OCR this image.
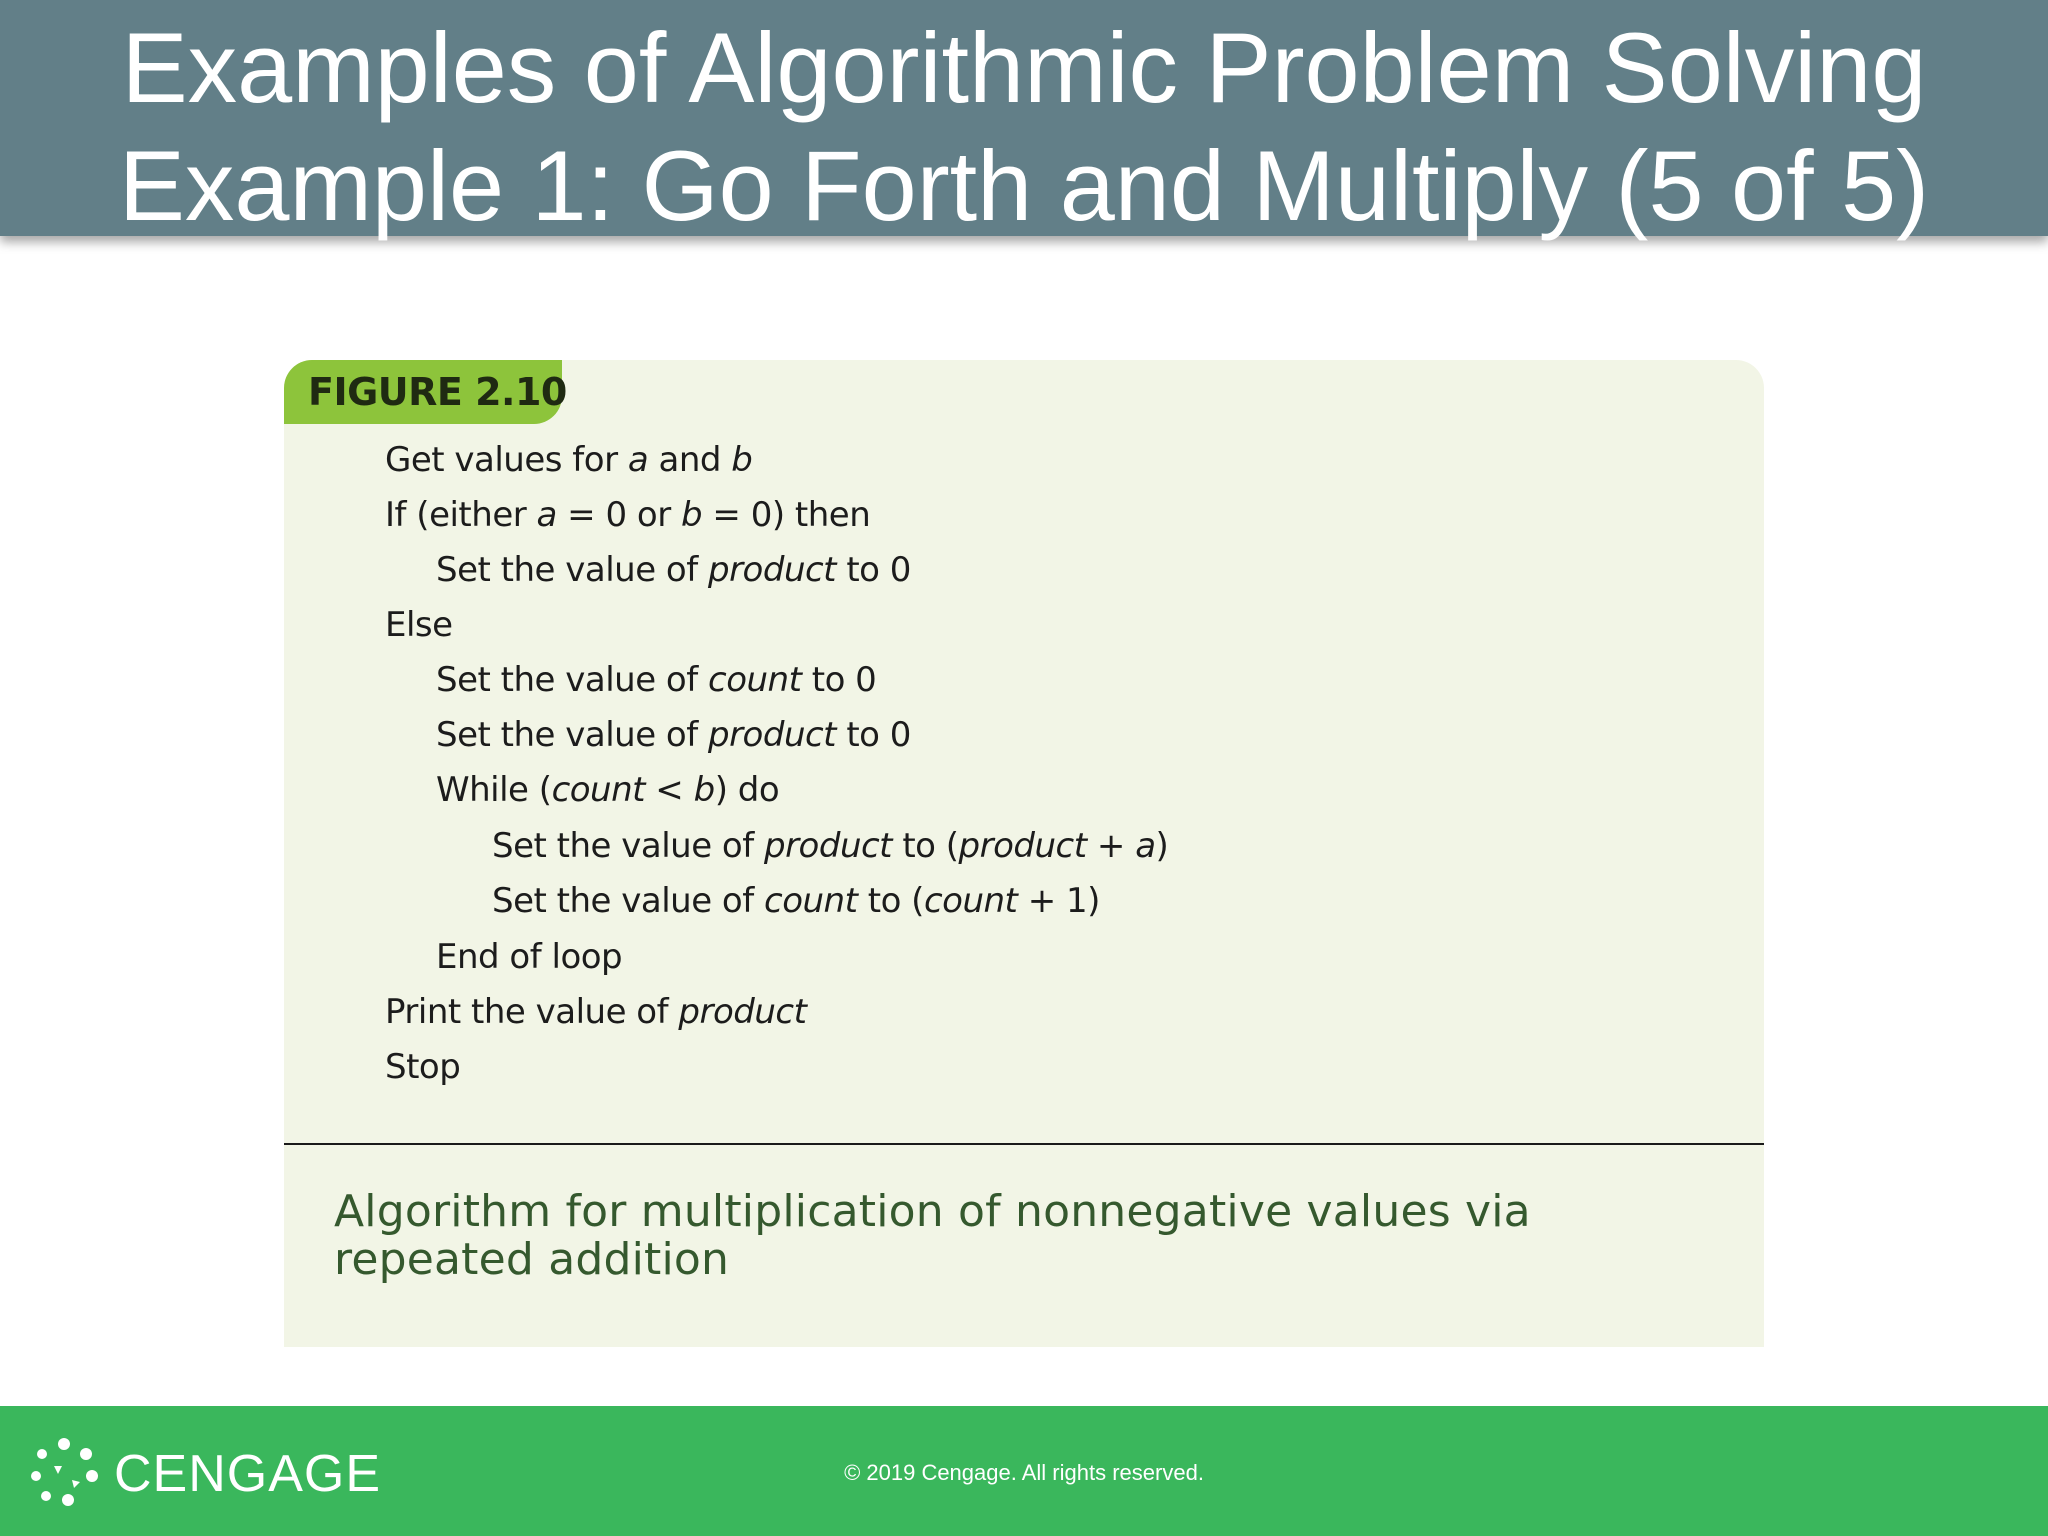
Examples of Algorithmic Problem Solving
Example 1: Go Forth and Multiply (5 of 5)
FIGURE 2.10
Get values for a and b
If (either a = 0 or b = 0) then
Set the value of product to 0
Else
Set the value of count to 0
Set the value of product to 0
While (count < b) do
Set the value of product to (product + a)
Set the value of count to (count + 1)
End of loop
Print the value of product
Stop
Algorithm for multiplication of nonnegative values via repeated addition
CENGAGE	© 2019 Cengage. All rights reserved.
